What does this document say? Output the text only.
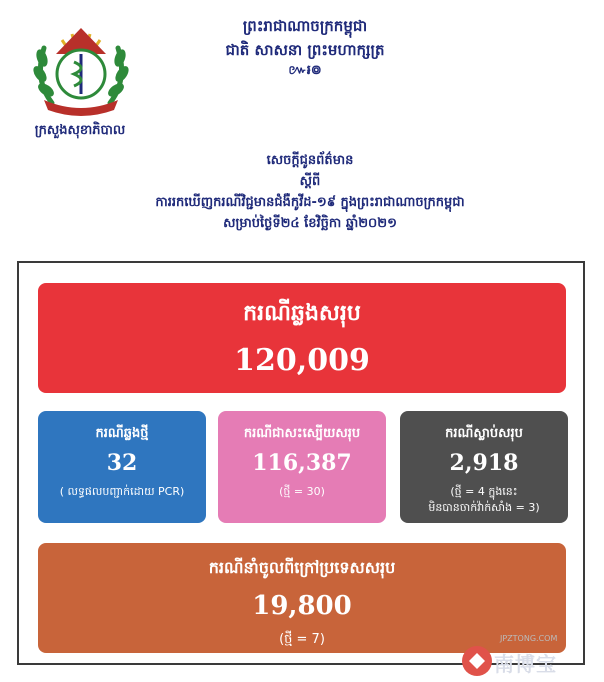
ក្រសួងសុខាភិបាល
ព្រះរាជាណាចក្រកម្ពុជា
ជាតិ សាសនា ព្រះមហាក្សត្រ
៚៛៙
សេចក្ដីជូនព័ត៌មាន
ស្ដីពី
ការរកឃើញករណីវិជ្ជមានជំងឺកូវីដ-១៩ ក្នុងព្រះរាជាណាចក្រកម្ពុជា
សម្រាប់ថ្ងៃទី២៤ ខែវិច្ឆិកា ឆ្នាំ២០២១
ករណីឆ្លងសរុប
120,009
ករណីឆ្លងថ្មី
32
( លទ្ធផលបញ្ជាក់ដោយ PCR)
ករណីជាសះស្បើយសរុប
116,387
(ថ្មី = 30)
ករណីស្លាប់សរុប
2,918
(ថ្មី = 4 ក្នុងនេះ
មិនបានចាក់វ៉ាក់សាំង = 3)
ករណីនាំចូលពីក្រៅប្រទេសសរុប
19,800
(ថ្មី = 7)	JPZTONG.COM
南博宝
